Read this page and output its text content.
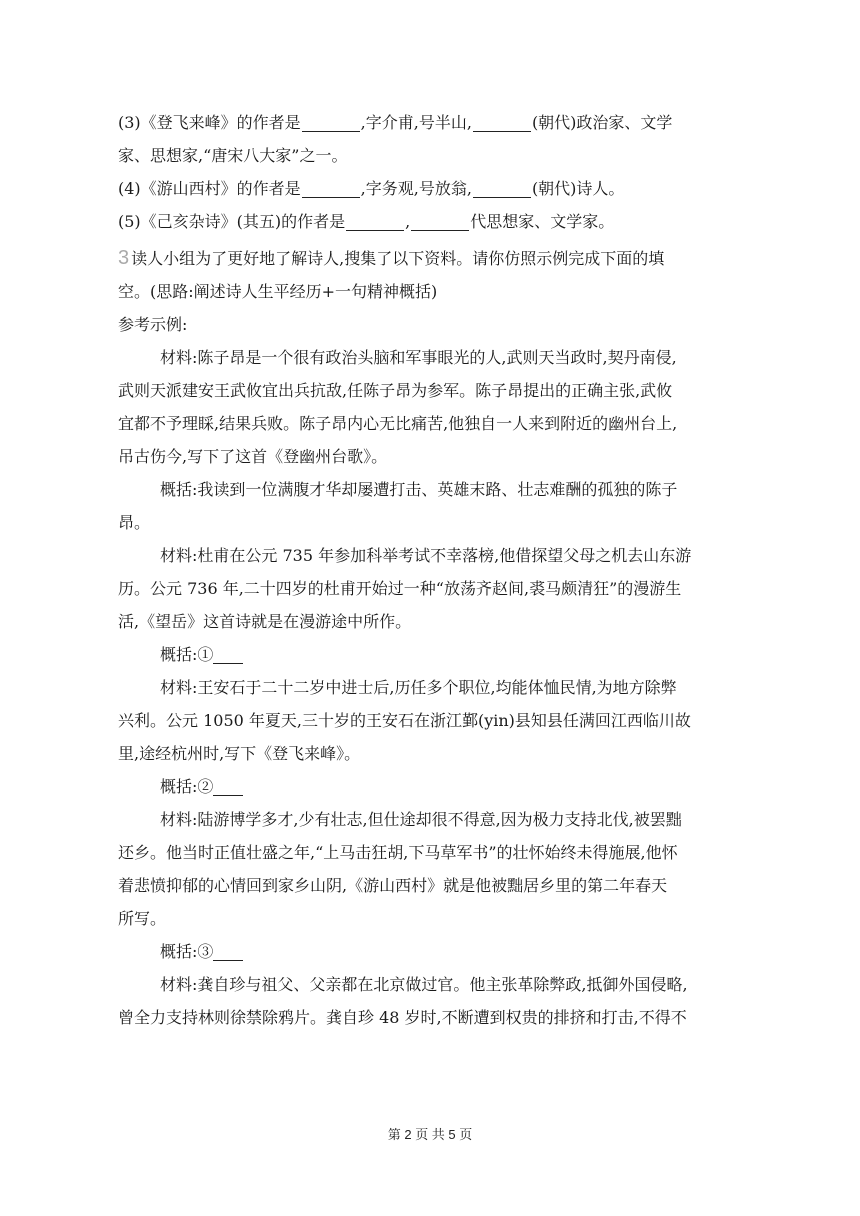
(3)《登飞来峰》的作者是	,字介甫,号半山,	(朝代)政治家、文学
家、思想家,“唐宋八大家”之一。
(4)《游山西村》的作者是	,字务观,号放翁,	(朝代)诗人。
(5)《己亥杂诗》(其五)的作者是	,	代思想家、文学家。
3 读人小组为了更好地了解诗人,搜集了以下资料。请你仿照示例完成下面的填
空。(思路:阐述诗人生平经历+一句精神概括)
参考示例:
材料:陈子昂是一个很有政治头脑和军事眼光的人,武则天当政时,契丹南侵,
武则天派建安王武攸宜出兵抗敌,任陈子昂为参军。陈子昂提出的正确主张,武攸
宜都不予理睬,结果兵败。陈子昂内心无比痛苦,他独自一人来到附近的幽州台上,
吊古伤今,写下了这首《登幽州台歌》。
概括:我读到一位满腹才华却屡遭打击、英雄末路、壮志难酬的孤独的陈子
昂。
材料:杜甫在公元 735 年参加科举考试不幸落榜,他借探望父母之机去山东游
历。公元 736 年,二十四岁的杜甫开始过一种“放荡齐赵间,裘马颇清狂”的漫游生
活,《望岳》这首诗就是在漫游途中所作。
概括:①
材料:王安石于二十二岁中进士后,历任多个职位,均能体恤民情,为地方除弊
兴利。公元 1050 年夏天,三十岁的王安石在浙江鄞(yin)县知县任满回江西临川故
里,途经杭州时,写下《登飞来峰》。
概括:②
材料:陆游博学多才,少有壮志,但仕途却很不得意,因为极力支持北伐,被罢黜
还乡。他当时正值壮盛之年,“上马击狂胡,下马草军书”的壮怀始终未得施展,他怀
着悲愤抑郁的心情回到家乡山阴,《游山西村》就是他被黜居乡里的第二年春天
所写。
概括:③
材料:龚自珍与祖父、父亲都在北京做过官。他主张革除弊政,抵御外国侵略,
曾全力支持林则徐禁除鸦片。龚自珍 48 岁时,不断遭到权贵的排挤和打击,不得不
第 2 页 共 5 页
